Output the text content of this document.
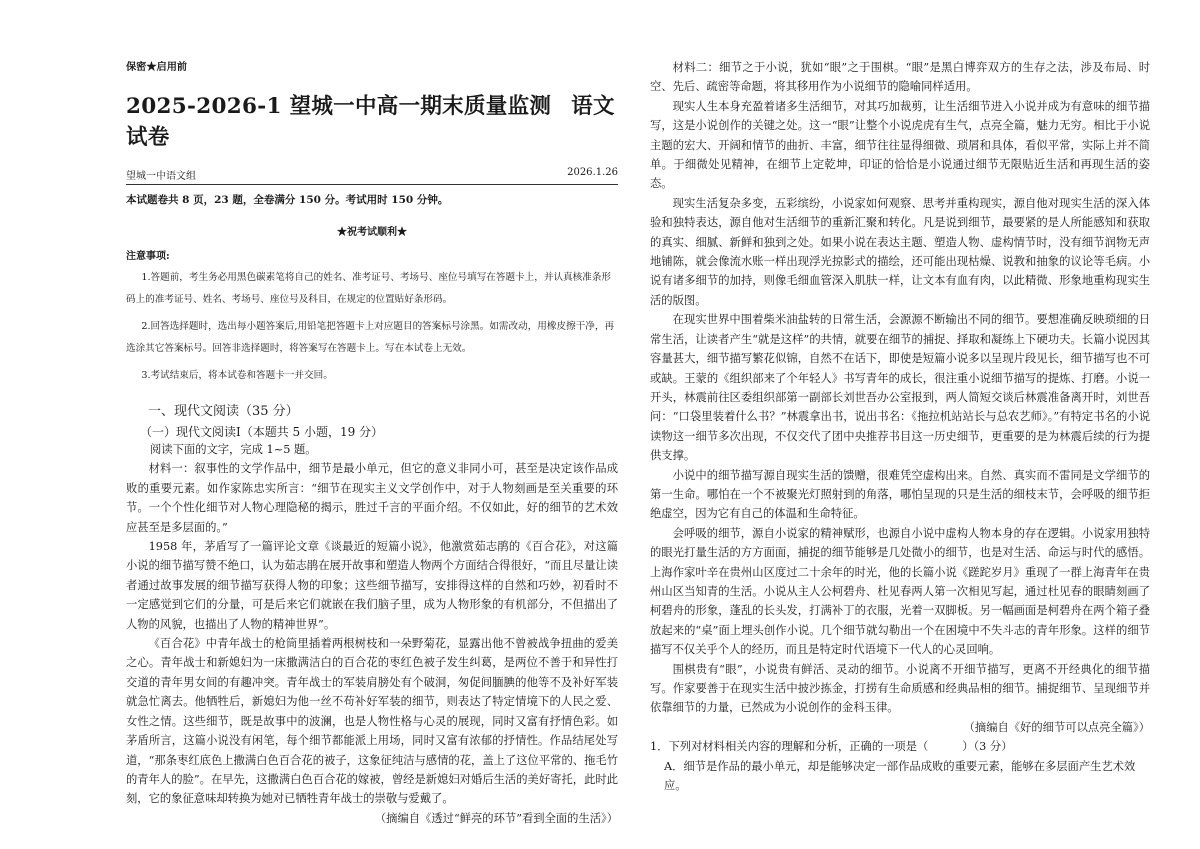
保密★启用前

2025-2026-1 望城一中高一期末质量监测 语文试卷

望城一中语文组	2026.1.26

本试题卷共 8 页，23 题，全卷满分 150 分。考试用时 150 分钟。

★祝考试顺利★

注意事项:

1.答题前，考生务必用黑色碳素笔将自己的姓名、准考证号、考场号、座位号填写在答题卡上，并认真核准条形码上的准考证号、姓名、考场号、座位号及科目，在规定的位置贴好条形码。

2.回答选择题时，选出每小题答案后,用铅笔把答题卡上对应题目的答案标号涂黑。如需改动，用橡皮擦干净，再选涂其它答案标号。回答非选择题时，将答案写在答题卡上。写在本试卷上无效。

3.考试结束后，将本试卷和答题卡一并交回。

一、现代文阅读（35 分）

（一）现代文阅读Ⅰ（本题共 5 小题，19 分）

阅读下面的文字，完成 1~5 题。

材料一：叙事性的文学作品中，细节是最小单元，但它的意义非同小可，甚至是决定该作品成败的重要元素。如作家陈忠实所言：“细节在现实主义文学创作中，对于人物刻画是至关重要的环节。一个个性化细节对人物心理隐秘的揭示，胜过千言的平面介绍。不仅如此，好的细节的艺术效应甚至是多层面的。”

1958 年，茅盾写了一篇评论文章《谈最近的短篇小说》，他激赏茹志鹃的《百合花》，对这篇小说的细节描写赞不绝口，认为茹志鹃在展开故事和塑造人物两个方面结合得很好，“而且尽量让读者通过故事发展的细节描写获得人物的印象；这些细节描写，安排得这样的自然和巧妙，初看时不一定感觉到它们的分量，可是后来它们就嵌在我们脑子里，成为人物形象的有机部分，不但描出了人物的风貌，也描出了人物的精神世界”。

《百合花》中青年战士的枪筒里插着两根树枝和一朵野菊花，显露出他不曾被战争扭曲的爱美之心。青年战士和新媳妇为一床撒满洁白的百合花的枣红色被子发生纠葛，是两位不善于和异性打交道的青年男女间的有趣冲突。青年战士的军装肩膀处有个破洞，匆促间腼腆的他等不及补好军装就急忙离去。他牺牲后，新媳妇为他一丝不苟补好军装的细节，则表达了特定情境下的人民之爱、女性之情。这些细节，既是故事中的波澜，也是人物性格与心灵的展现，同时又富有抒情色彩。如茅盾所言，这篇小说没有闲笔，每个细节都能派上用场，同时又富有浓郁的抒情性。作品结尾处写道，“那条枣红底色上撒满白色百合花的被子，这象征纯洁与感情的花，盖上了这位平常的、拖毛竹的青年人的脸”。在早先，这撒满白色百合花的嫁被，曾经是新媳妇对婚后生活的美好寄托，此时此刻，它的象征意味却转换为她对已牺牲青年战士的崇敬与爱戴了。

（摘编自《透过“鲜亮的环节”看到全面的生活》）

材料二：细节之于小说，犹如“眼”之于围棋。“眼”是黑白博弈双方的生存之法，涉及布局、时空、先后、疏密等命题，将其移用作为小说细节的隐喻同样适用。

现实人生本身充盈着诸多生活细节，对其巧加裁剪，让生活细节进入小说并成为有意味的细节描写，这是小说创作的关键之处。这一“眼”让整个小说虎虎有生气，点亮全篇，魅力无穷。相比于小说主题的宏大、开阔和情节的曲折、丰富，细节往往显得细微、琐屑和具体，看似平常，实际上并不简单。于细微处见精神，在细节上定乾坤，印证的恰恰是小说通过细节无限贴近生活和再现生活的姿态。

现实生活复杂多变，五彩缤纷，小说家如何观察、思考并重构现实，源自他对现实生活的深入体验和独特表达，源自他对生活细节的重新汇聚和转化。凡是说到细节，最要紧的是人所能感知和获取的真实、细腻、新鲜和独到之处。如果小说在表达主题、塑造人物、虚构情节时，没有细节润物无声地铺陈，就会像流水账一样出现浮光掠影式的描绘，还可能出现枯燥、说教和抽象的议论等毛病。小说有诸多细节的加持，则像毛细血管深入肌肤一样，让文本有血有肉，以此精微、形象地重构现实生活的版图。

在现实世界中围着柴米油盐转的日常生活，会源源不断输出不同的细节。要想准确反映琐细的日常生活，让读者产生“就是这样”的共情，就要在细节的捕捉、择取和凝练上下硬功夫。长篇小说因其容量甚大，细节描写繁花似锦，自然不在话下，即使是短篇小说多以呈现片段见长，细节描写也不可或缺。王蒙的《组织部来了个年轻人》书写青年的成长，很注重小说细节描写的提炼、打磨。小说一开头，林震前往区委组织部第一副部长刘世吾办公室报到，两人简短交谈后林震准备离开时，刘世吾问：“口袋里装着什么书？”林震拿出书，说出书名：《拖拉机站站长与总农艺师》。”有特定书名的小说读物这一细节多次出现，不仅交代了团中央推荐书目这一历史细节，更重要的是为林震后续的行为提供支撑。

小说中的细节描写源自现实生活的馈赠，很难凭空虚构出来。自然、真实而不雷同是文学细节的第一生命。哪怕在一个不被聚光灯照射到的角落，哪怕呈现的只是生活的细枝末节，会呼吸的细节拒绝虚空，因为它有自己的体温和生命特征。

会呼吸的细节，源自小说家的精神赋形，也源自小说中虚构人物本身的存在逻辑。小说家用独特的眼光打量生活的方方面面，捕捉的细节能够是几处微小的细节，也是对生活、命运与时代的感悟。上海作家叶辛在贵州山区度过二十余年的时光，他的长篇小说《蹉跎岁月》重现了一群上海青年在贵州山区当知青的生活。小说从主人公柯碧舟、杜见春两人第一次相见写起，通过杜见春的眼睛刻画了柯碧舟的形象，蓬乱的长头发，打满补丁的衣服，光着一双脚板。另一幅画面是柯碧舟在两个箱子叠放起来的“桌”面上埋头创作小说。几个细节就勾勒出一个在困境中不失斗志的青年形象。这样的细节描写不仅关乎个人的经历，而且是特定时代语境下一代人的心灵回响。

围棋贵有“眼”，小说贵有鲜活、灵动的细节。小说离不开细节描写，更离不开经典化的细节描写。作家要善于在现实生活中披沙拣金，打捞有生命质感和经典品相的细节。捕捉细节、呈现细节并依靠细节的力量，已然成为小说创作的金科玉律。

（摘编自《好的细节可以点亮全篇》）

1．下列对材料相关内容的理解和分析，正确的一项是（　　　）（3 分）

A．细节是作品的最小单元，却是能够决定一部作品成败的重要元素，能够在多层面产生艺术效应。
